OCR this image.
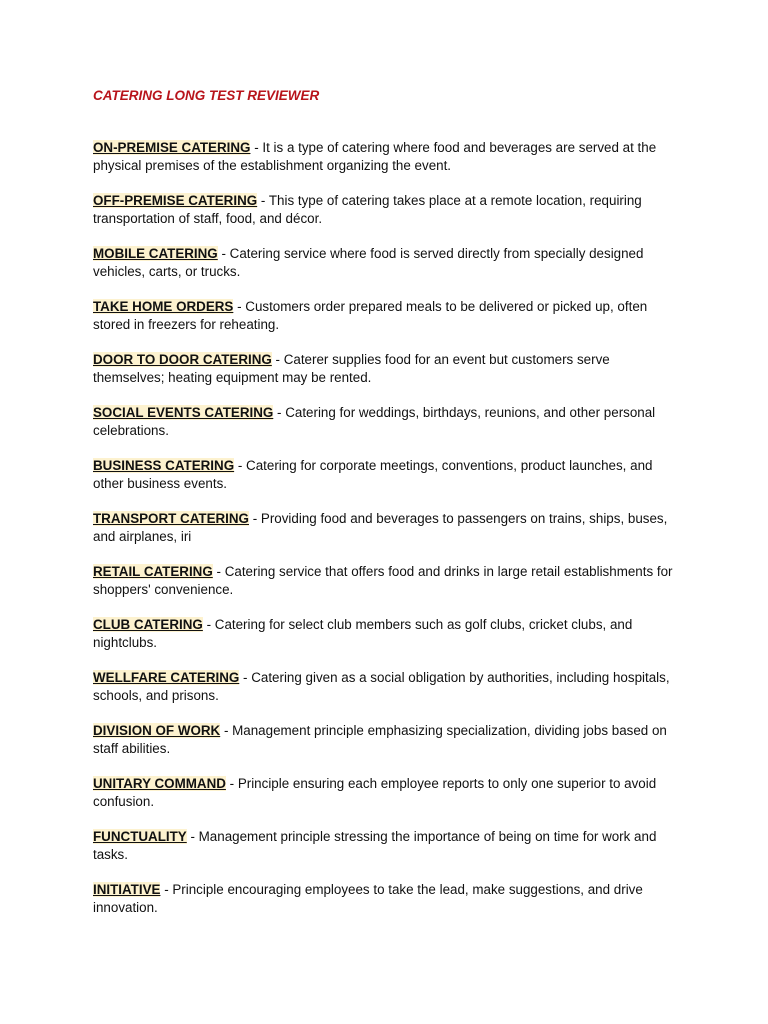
CATERING LONG TEST REVIEWER

ON-PREMISE CATERING - It is a type of catering where food and beverages are served at the physical premises of the establishment organizing the event.

OFF-PREMISE CATERING - This type of catering takes place at a remote location, requiring transportation of staff, food, and décor.

MOBILE CATERING - Catering service where food is served directly from specially designed vehicles, carts, or trucks.

TAKE HOME ORDERS - Customers order prepared meals to be delivered or picked up, often stored in freezers for reheating.

DOOR TO DOOR CATERING - Caterer supplies food for an event but customers serve themselves; heating equipment may be rented.

SOCIAL EVENTS CATERING - Catering for weddings, birthdays, reunions, and other personal celebrations.

BUSINESS CATERING - Catering for corporate meetings, conventions, product launches, and other business events.

TRANSPORT CATERING - Providing food and beverages to passengers on trains, ships, buses, and airplanes, iri

RETAIL CATERING - Catering service that offers food and drinks in large retail establishments for shoppers' convenience.

CLUB CATERING - Catering for select club members such as golf clubs, cricket clubs, and nightclubs.

WELLFARE CATERING - Catering given as a social obligation by authorities, including hospitals, schools, and prisons.

DIVISION OF WORK - Management principle emphasizing specialization, dividing jobs based on staff abilities.

UNITARY COMMAND - Principle ensuring each employee reports to only one superior to avoid confusion.

FUNCTUALITY - Management principle stressing the importance of being on time for work and tasks.

INITIATIVE - Principle encouraging employees to take the lead, make suggestions, and drive innovation.
